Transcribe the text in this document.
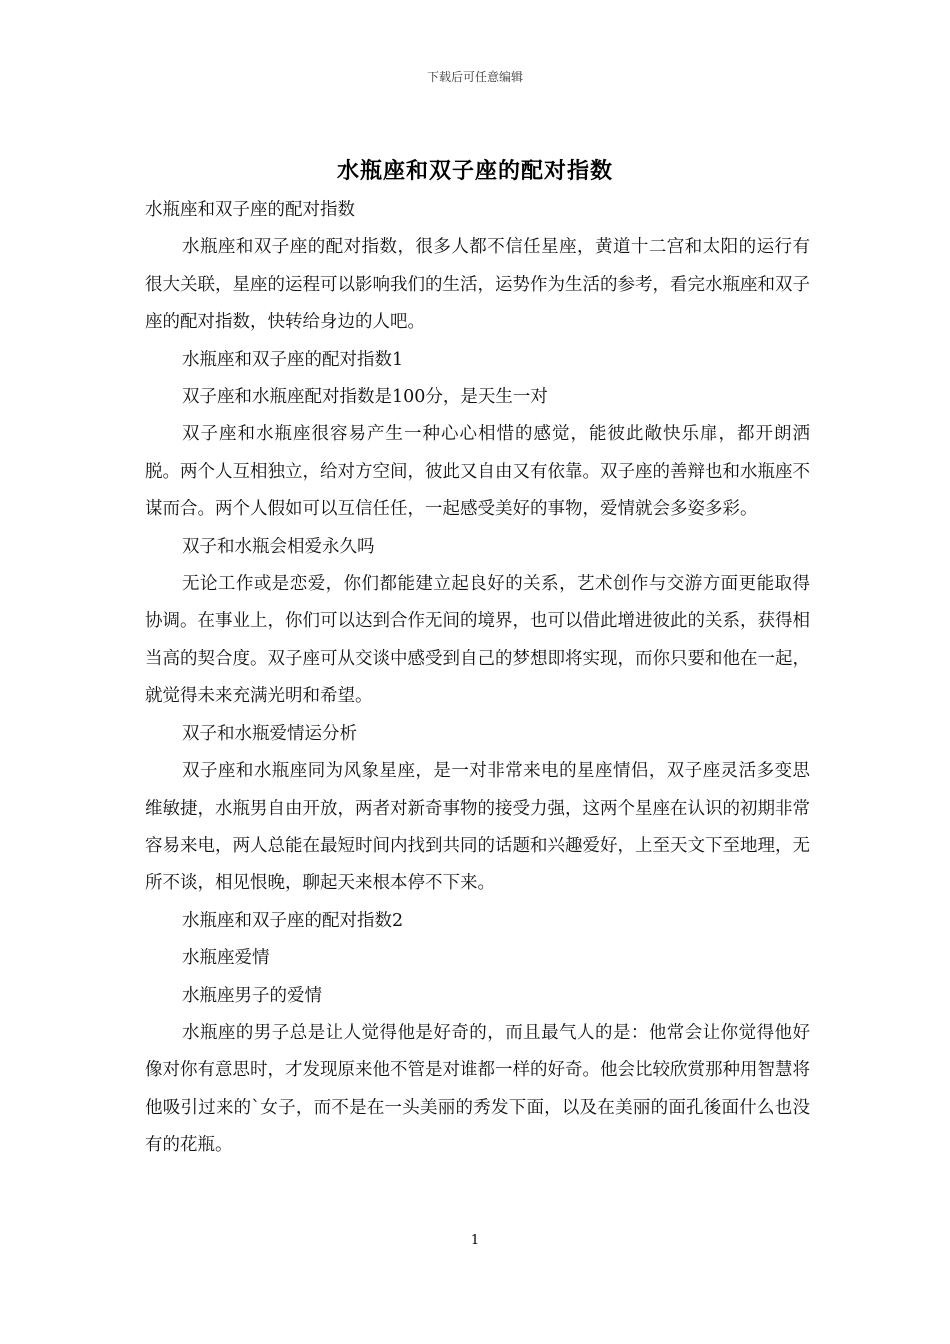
下载后可任意编辑
水瓶座和双子座的配对指数

水瓶座和双子座的配对指数

水瓶座和双子座的配对指数，很多人都不信任星座，黄道十二宫和太阳的运行有很大关联，星座的运程可以影响我们的生活，运势作为生活的参考，看完水瓶座和双子座的配对指数，快转给身边的人吧。

水瓶座和双子座的配对指数1

双子座和水瓶座配对指数是100分，是天生一对

双子座和水瓶座很容易产生一种心心相惜的感觉，能彼此敞快乐扉，都开朗洒脱。两个人互相独立，给对方空间，彼此又自由又有依靠。双子座的善辩也和水瓶座不谋而合。两个人假如可以互信任任，一起感受美好的事物，爱情就会多姿多彩。

双子和水瓶会相爱永久吗

无论工作或是恋爱，你们都能建立起良好的关系，艺术创作与交游方面更能取得协调。在事业上，你们可以达到合作无间的境界，也可以借此增进彼此的关系，获得相当高的契合度。双子座可从交谈中感受到自己的梦想即将实现，而你只要和他在一起，就觉得未来充满光明和希望。

双子和水瓶爱情运分析

双子座和水瓶座同为风象星座，是一对非常来电的星座情侣，双子座灵活多变思维敏捷，水瓶男自由开放，两者对新奇事物的接受力强，这两个星座在认识的初期非常容易来电，两人总能在最短时间内找到共同的话题和兴趣爱好，上至天文下至地理，无所不谈，相见恨晚，聊起天来根本停不下来。

水瓶座和双子座的配对指数2

水瓶座爱情

水瓶座男子的爱情

水瓶座的男子总是让人觉得他是好奇的，而且最气人的是：他常会让你觉得他好像对你有意思时，才发现原来他不管是对谁都一样的好奇。他会比较欣赏那种用智慧将他吸引过来的`女子，而不是在一头美丽的秀发下面，以及在美丽的面孔後面什么也没有的花瓶。

1
